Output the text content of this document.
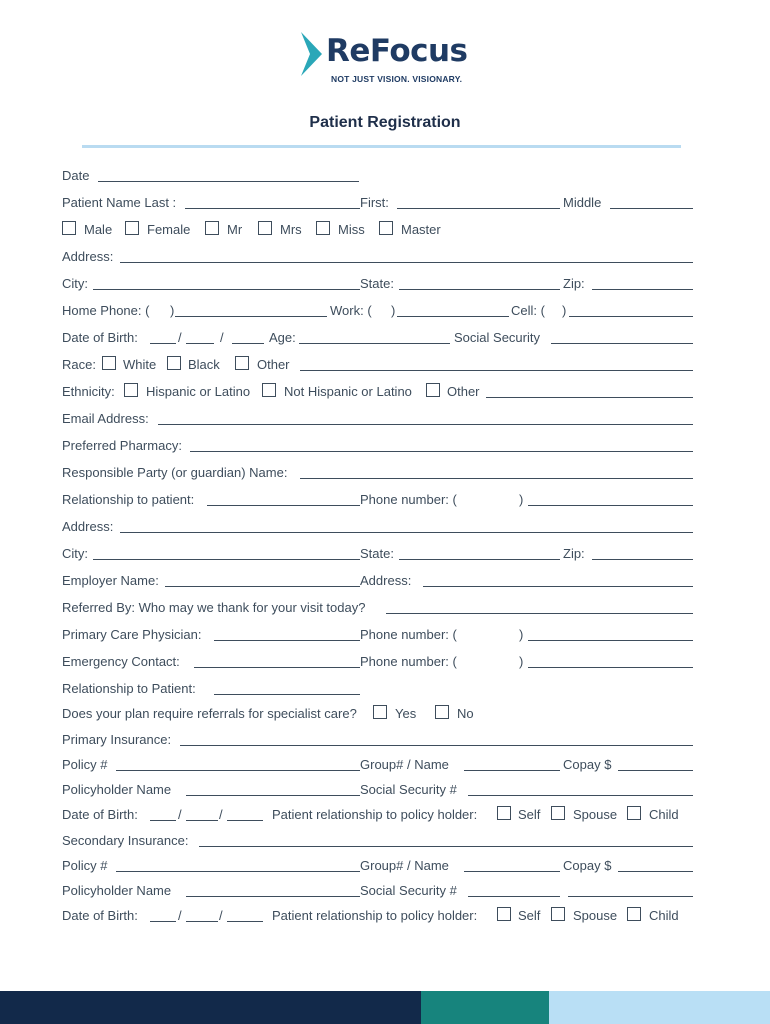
ReFocus
NOT JUST VISION. VISIONARY.
Patient Registration
Date
Patient Name Last :	First:	Middle
Male	Female	Mr	Mrs	Miss	Master
Address:
City:	State:	Zip:
Home Phone: ( )	Work: ( )	Cell: ( )
Date of Birth:	/	/	Age:	Social Security
Race: White Black	Other
Ethnicity: Hispanic or Latino	Not Hispanic or Latino	Other
Email Address:
Preferred Pharmacy:
Responsible Party (or guardian) Name:
Relationship to patient:	Phone number: (	)
Address:
City:	State:	Zip:
Employer Name:	Address:
Referred By: Who may we thank for your visit today?
Primary Care Physician:	Phone number: (	)
Emergency Contact:	Phone number: (	)
Relationship to Patient:
Does your plan require referrals for specialist care?	Yes	No
Primary Insurance:
Policy #	Group# / Name	Copay $
Policyholder Name	Social Security #
Date of Birth:	/	/	Patient relationship to policy holder:	Self	Spouse Child
Secondary Insurance:
Policy #	Group# / Name	Copay $
Policyholder Name	Social Security #
Date of Birth:	/	/	Patient relationship to policy holder:	Self	Spouse Child
